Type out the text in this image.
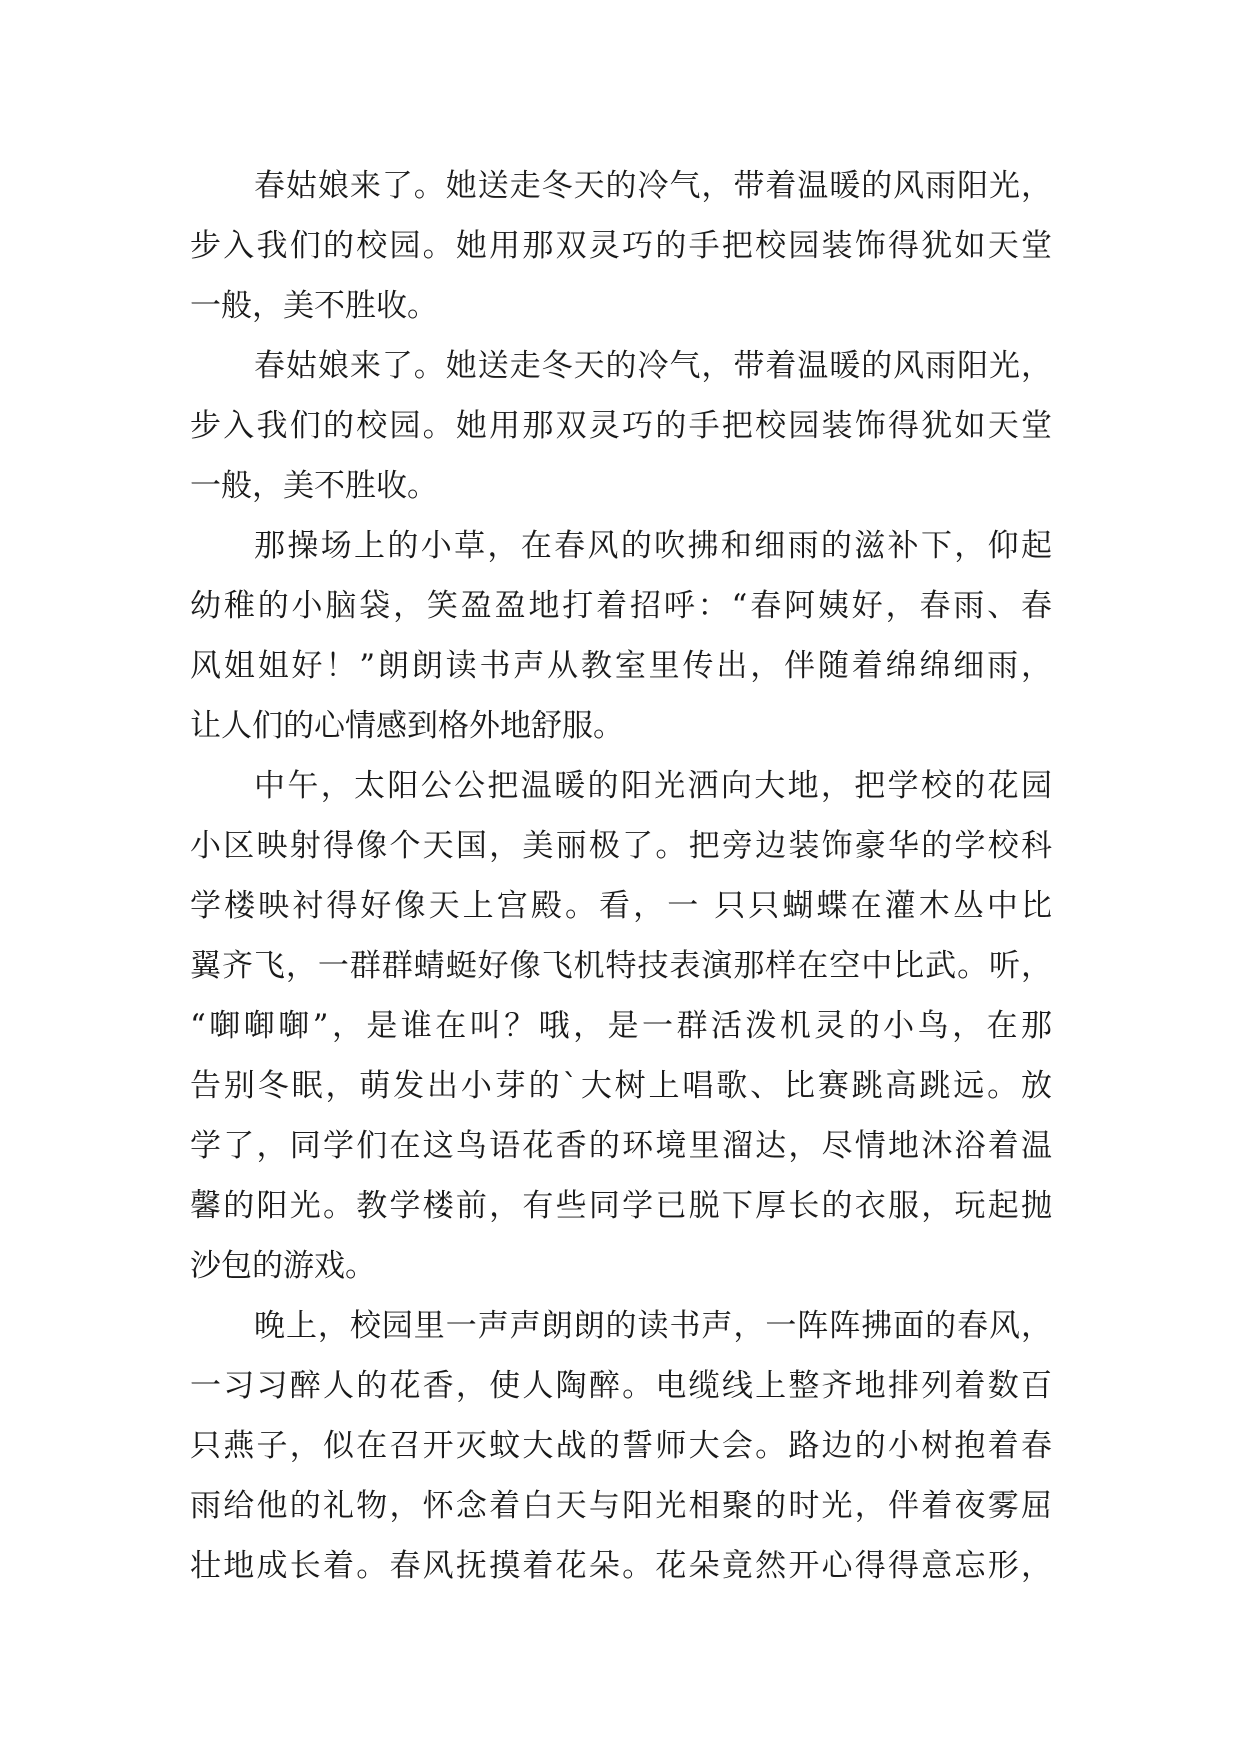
春姑娘来了。她送走冬天的冷气，带着温暖的风雨阳光，
步入我们的校园。她用那双灵巧的手把校园装饰得犹如天堂
一般，美不胜收。
春姑娘来了。她送走冬天的冷气，带着温暖的风雨阳光，
步入我们的校园。她用那双灵巧的手把校园装饰得犹如天堂
一般，美不胜收。
那操场上的小草，在春风的吹拂和细雨的滋补下，仰起
幼稚的小脑袋，笑盈盈地打着招呼：“春阿姨好，春雨、春
风姐姐好！”朗朗读书声从教室里传出，伴随着绵绵细雨，
让人们的心情感到格外地舒服。
中午，太阳公公把温暖的阳光洒向大地，把学校的花园
小区映射得像个天国，美丽极了。把旁边装饰豪华的学校科
学楼映衬得好像天上宫殿。看，一 只只蝴蝶在灌木丛中比
翼齐飞，一群群蜻蜓好像飞机特技表演那样在空中比武。听，
“啣啣啣”，是谁在叫？哦，是一群活泼机灵的小鸟，在那
告别冬眠，萌发出小芽的`大树上唱歌、比赛跳高跳远。放
学了，同学们在这鸟语花香的环境里溜达，尽情地沐浴着温
馨的阳光。教学楼前，有些同学已脱下厚长的衣服，玩起抛
沙包的游戏。
晚上，校园里一声声朗朗的读书声，一阵阵拂面的春风，
一习习醉人的花香，使人陶醉。电缆线上整齐地排列着数百
只燕子，似在召开灭蚊大战的誓师大会。路边的小树抱着春
雨给他的礼物，怀念着白天与阳光相聚的时光，伴着夜雾屈
壮地成长着。春风抚摸着花朵。花朵竟然开心得得意忘形，
